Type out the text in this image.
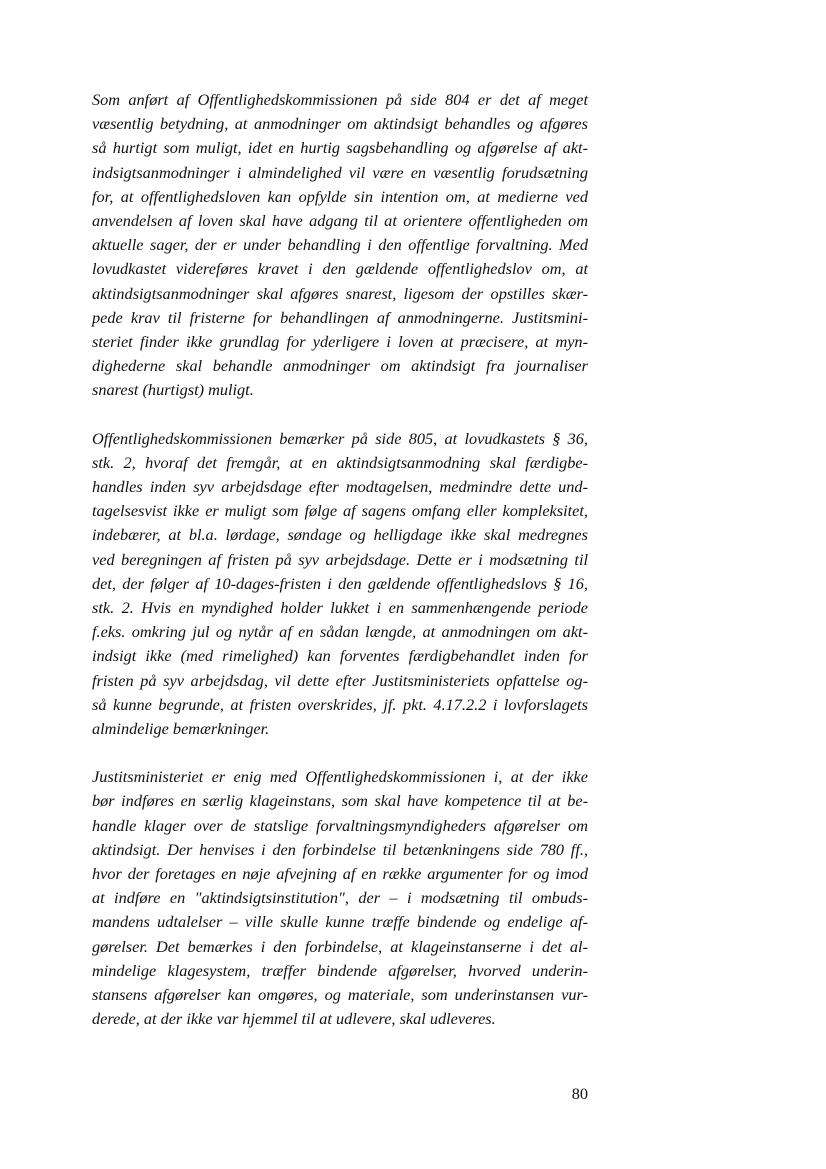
Som anført af Offentlighedskommissionen på side 804 er det af meget
væsentlig betydning, at anmodninger om aktindsigt behandles og afgøres
så hurtigt som muligt, idet en hurtig sagsbehandling og afgørelse af akt-
indsigtsanmodninger i almindelighed vil være en væsentlig forudsætning
for, at offentlighedsloven kan opfylde sin intention om, at medierne ved
anvendelsen af loven skal have adgang til at orientere offentligheden om
aktuelle sager, der er under behandling i den offentlige forvaltning. Med
lovudkastet videreføres kravet i den gældende offentlighedslov om, at
aktindsigtsanmodninger skal afgøres snarest, ligesom der opstilles skær-
pede krav til fristerne for behandlingen af anmodningerne. Justitsmini-
steriet finder ikke grundlag for yderligere i loven at præcisere, at myn-
dighederne skal behandle anmodninger om aktindsigt fra journaliser
snarest (hurtigst) muligt.
Offentlighedskommissionen bemærker på side 805, at lovudkastets § 36,
stk. 2, hvoraf det fremgår, at en aktindsigtsanmodning skal færdigbe-
handles inden syv arbejdsdage efter modtagelsen, medmindre dette und-
tagelsesvist ikke er muligt som følge af sagens omfang eller kompleksitet,
indebærer, at bl.a. lørdage, søndage og helligdage ikke skal medregnes
ved beregningen af fristen på syv arbejdsdage. Dette er i modsætning til
det, der følger af 10-dages-fristen i den gældende offentlighedslovs § 16,
stk. 2. Hvis en myndighed holder lukket i en sammenhængende periode
f.eks. omkring jul og nytår af en sådan længde, at anmodningen om akt-
indsigt ikke (med rimelighed) kan forventes færdigbehandlet inden for
fristen på syv arbejdsdag, vil dette efter Justitsministeriets opfattelse og-
så kunne begrunde, at fristen overskrides, jf. pkt. 4.17.2.2 i lovforslagets
almindelige bemærkninger.
Justitsministeriet er enig med Offentlighedskommissionen i, at der ikke
bør indføres en særlig klageinstans, som skal have kompetence til at be-
handle klager over de statslige forvaltningsmyndigheders afgørelser om
aktindsigt. Der henvises i den forbindelse til betænkningens side 780 ff.,
hvor der foretages en nøje afvejning af en række argumenter for og imod
at indføre en "aktindsigtsinstitution", der – i modsætning til ombuds-
mandens udtalelser – ville skulle kunne træffe bindende og endelige af-
gørelser. Det bemærkes i den forbindelse, at klageinstanserne i det al-
mindelige klagesystem, træffer bindende afgørelser, hvorved underin-
stansens afgørelser kan omgøres, og materiale, som underinstansen vur-
derede, at der ikke var hjemmel til at udlevere, skal udleveres.
80
